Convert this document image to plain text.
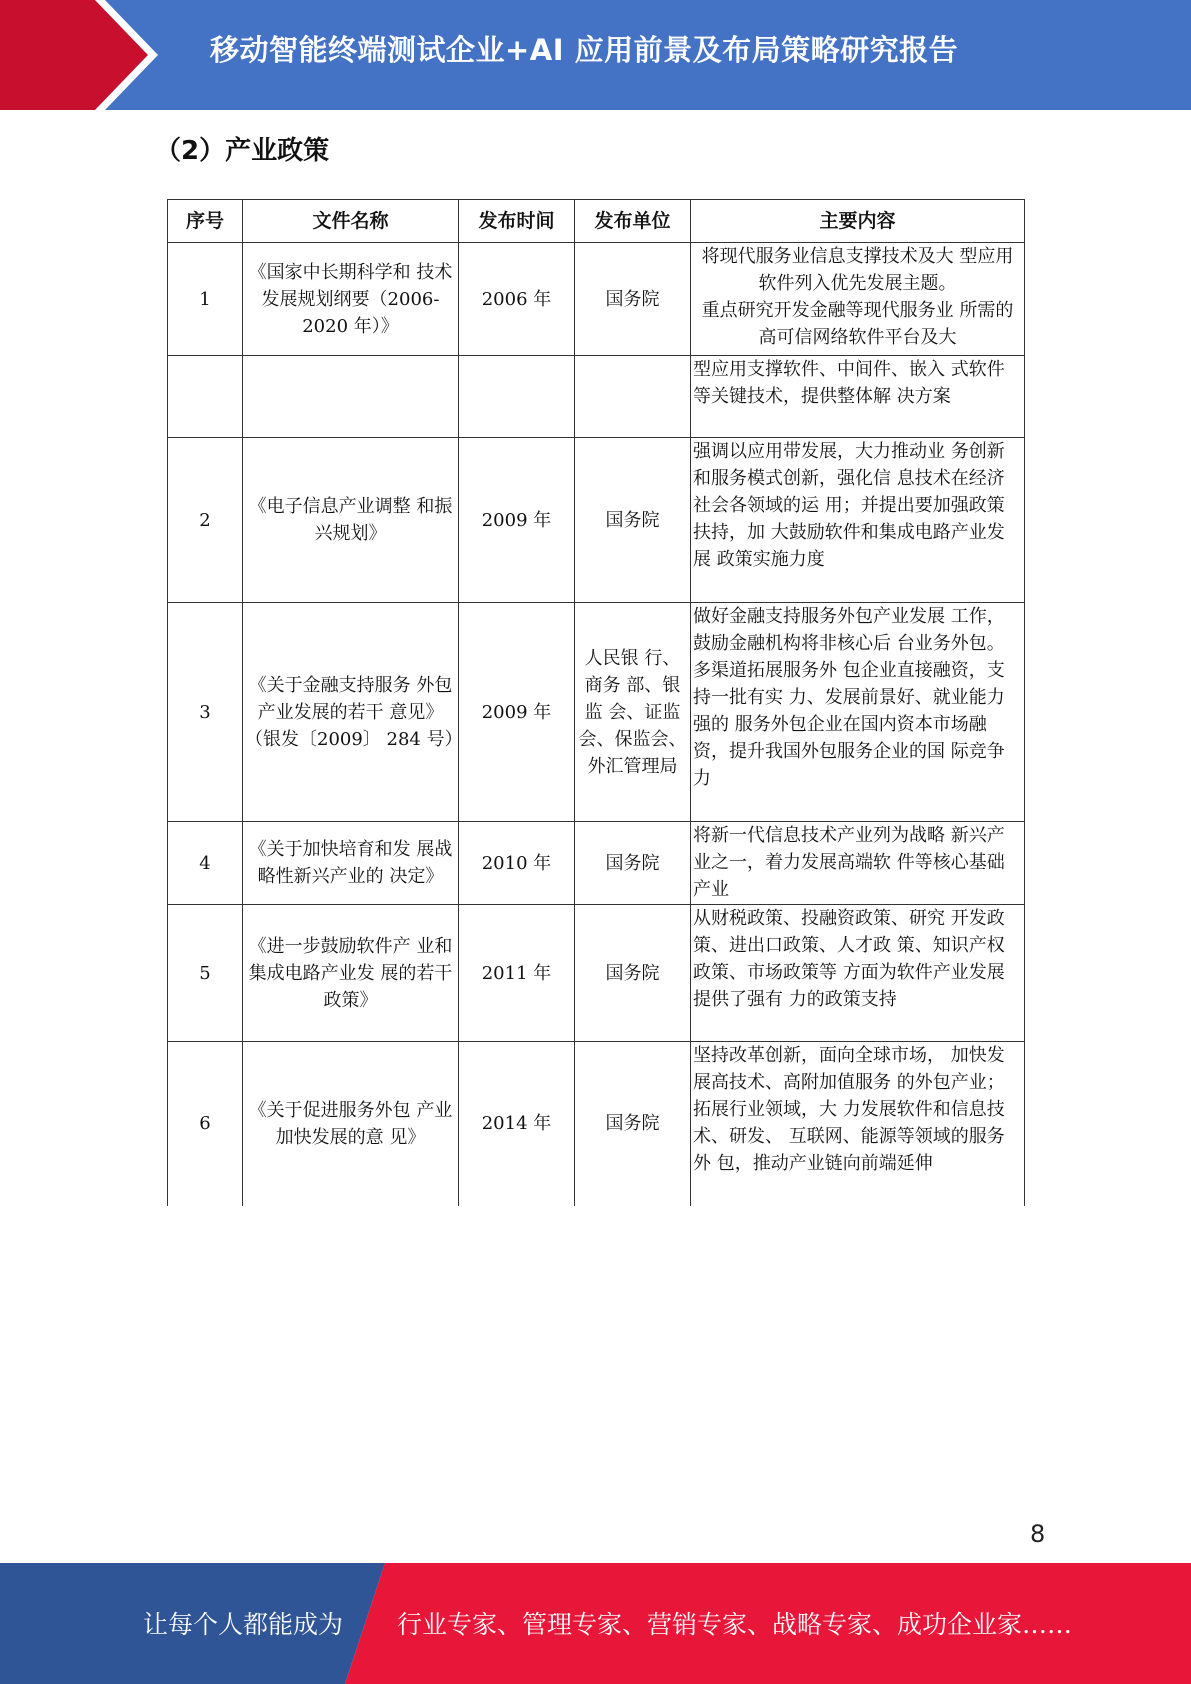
移动智能终端测试企业+AI 应用前景及布局策略研究报告
（2）产业政策
序号	文件名称	发布时间	发布单位	主要内容
1	《国家中长期科学和 技术发展规划纲要（2006-2020 年）》	2006 年	国务院	将现代服务业信息支撑技术及大 型应用软件列入优先发展主题。
重点研究开发金融等现代服务业 所需的高可信网络软件平台及大

				型应用支撑软件、中间件、嵌入 式软件等关键技术，提供整体解 决方案

2	《电子信息产业调整 和振兴规划》	2009 年	国务院	强调以应用带发展，大力推动业 务创新和服务模式创新，强化信 息技术在经济社会各领域的运 用；并提出要加强政策扶持，加 大鼓励软件和集成电路产业发展 政策实施力度

3	《关于金融支持服务 外包产业发展的若干 意见》（银发〔2009〕 284 号）	2009 年	人民银 行、商务 部、银监 会、证监会、保监会、外汇管理局	做好金融支持服务外包产业发展 工作，鼓励金融机构将非核心后 台业务外包。多渠道拓展服务外 包企业直接融资，支持一批有实 力、发展前景好、就业能力强的 服务外包企业在国内资本市场融 资，提升我国外包服务企业的国 际竞争力

4	《关于加快培育和发 展战略性新兴产业的 决定》	2010 年	国务院	将新一代信息技术产业列为战略 新兴产业之一，着力发展高端软 件等核心基础产业

5	《进一步鼓励软件产 业和集成电路产业发 展的若干政策》	2011 年	国务院	从财税政策、投融资政策、研究 开发政策、进出口政策、人才政 策、知识产权政策、市场政策等 方面为软件产业发展提供了强有 力的政策支持

6	《关于促进服务外包 产业加快发展的意 见》	2014 年	国务院	坚持改革创新，面向全球市场， 加快发展高技术、高附加值服务 的外包产业；拓展行业领域，大 力发展软件和信息技术、研发、 互联网、能源等领域的服务外 包，推动产业链向前端延伸
8
让每个人都能成为 行业专家、管理专家、营销专家、战略专家、成功企业家……
